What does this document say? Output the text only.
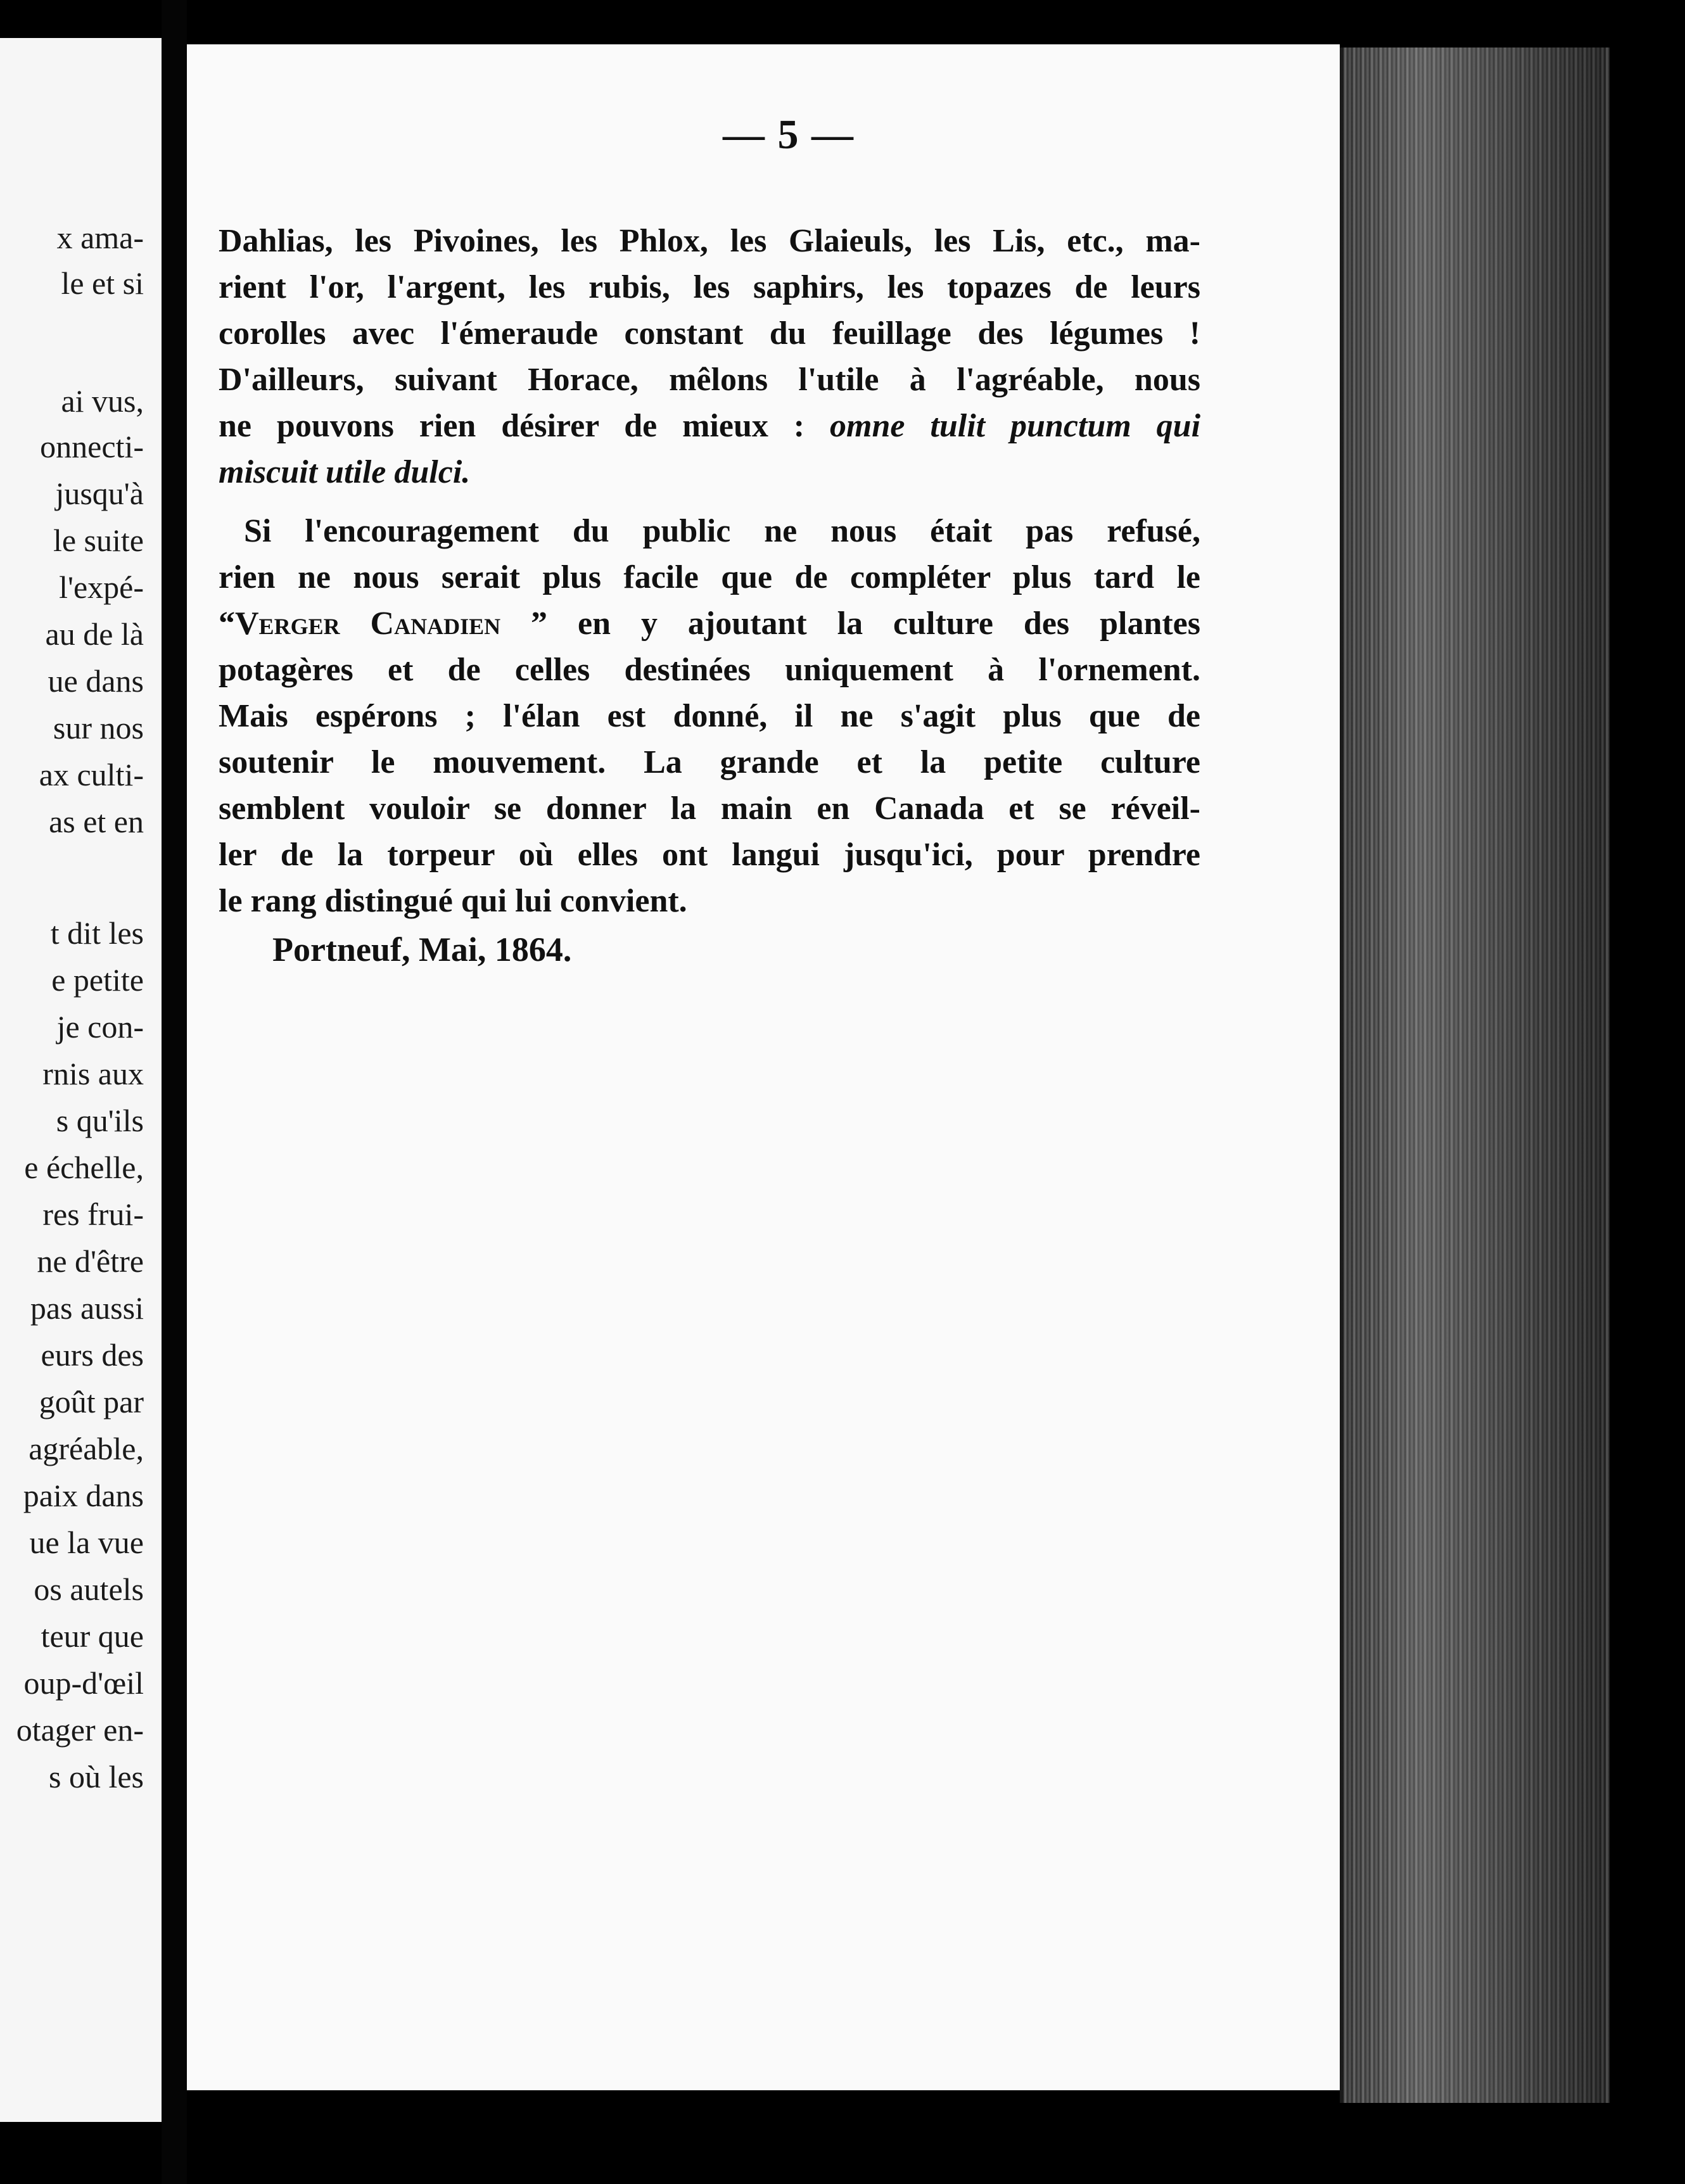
x ama-
le et si
ai vus,
onnecti-
jusqu'à
le suite
l'expé-
au de là
ue dans
sur nos
ax culti-
as et en
t dit les
e petite
je con-
rnis aux
s qu'ils
e échelle,
res frui-
ne d'être
pas aussi
eurs des
goût par
agréable,
paix dans
ue la vue
os autels
teur que
oup-d'œil
otager en-
s où les
— 5 —
Dahlias, les Pivoines, les Phlox, les Glaieuls, les Lis, etc., ma-
rient l'or, l'argent, les rubis, les saphirs, les topazes de leurs
corolles avec l'émeraude constant du feuillage des légumes !
D'ailleurs, suivant Horace, mêlons l'utile à l'agréable, nous
ne pouvons rien désirer de mieux : omne tulit punctum qui
miscuit utile dulci.
Si l'encouragement du public ne nous était pas refusé,
rien ne nous serait plus facile que de compléter plus tard le
“Verger Canadien ” en y ajoutant la culture des plantes
potagères et de celles destinées uniquement à l'ornement.
Mais espérons ; l'élan est donné, il ne s'agit plus que de
soutenir le mouvement. La grande et la petite culture
semblent vouloir se donner la main en Canada et se réveil-
ler de la torpeur où elles ont langui jusqu'ici, pour prendre
le rang distingué qui lui convient.
Portneuf, Mai, 1864.
